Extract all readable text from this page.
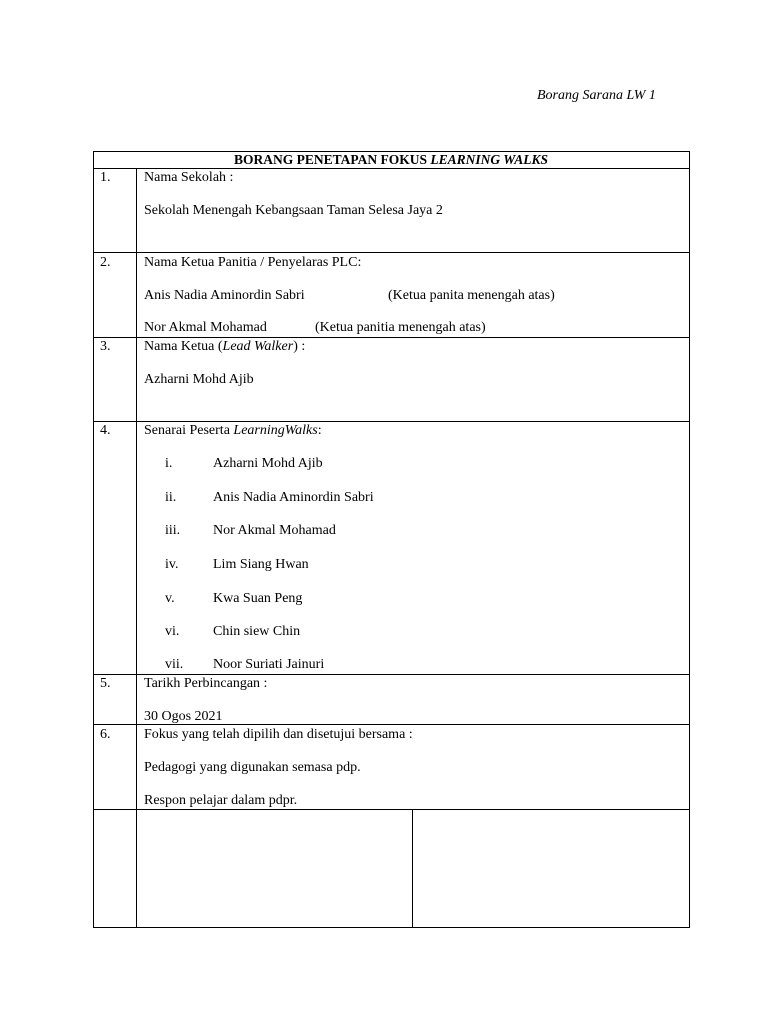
Borang Sarana LW 1
BORANG PENETAPAN FOKUS LEARNING WALKS
1. Nama Sekolah :
Sekolah Menengah Kebangsaan Taman Selesa Jaya 2
2. Nama Ketua Panitia / Penyelaras PLC:
Anis Nadia Aminordin Sabri	(Ketua panita menengah atas)
Nor Akmal Mohamad	(Ketua panitia menengah atas)
3. Nama Ketua (Lead Walker) :
Azharni Mohd Ajib
4. Senarai Peserta LearningWalks:
i.	Azharni Mohd Ajib
ii.	Anis Nadia Aminordin Sabri
iii. Nor Akmal Mohamad
iv. Lim Siang Hwan
v.	Kwa Suan Peng
vi. Chin siew Chin
vii. Noor Suriati Jainuri
5. Tarikh Perbincangan :
30 Ogos 2021
6. Fokus yang telah dipilih dan disetujui bersama :
Pedagogi yang digunakan semasa pdp.
Respon pelajar dalam pdpr.
